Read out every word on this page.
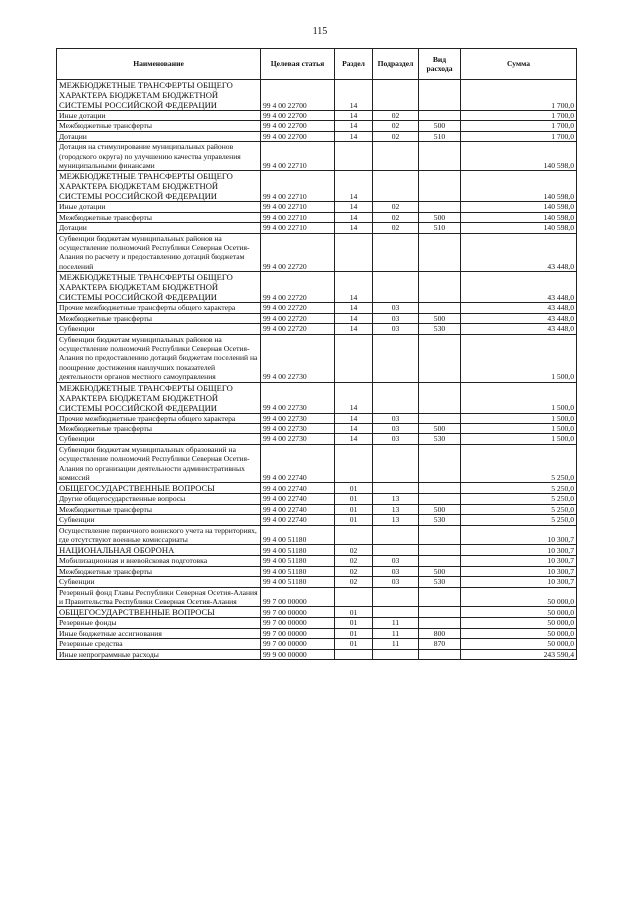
115
Наименование	Целевая статья	Раздел	Подраздел	Вид расхода	Сумма
МЕЖБЮДЖЕТНЫЕ ТРАНСФЕРТЫ ОБЩЕГО ХАРАКТЕРА БЮДЖЕТАМ БЮДЖЕТНОЙ СИСТЕМЫ РОССИЙСКОЙ ФЕДЕРАЦИИ	99 4 00 22700	14			1 700,0
Иные дотации	99 4 00 22700	14	02		1 700,0
Межбюджетные трансферты	99 4 00 22700	14	02	500	1 700,0
Дотации	99 4 00 22700	14	02	510	1 700,0
Дотация на стимулирование муниципальных районов (городского округа) по улучшению качества управления муниципальными финансами	99 4 00 22710				140 598,0
МЕЖБЮДЖЕТНЫЕ ТРАНСФЕРТЫ ОБЩЕГО ХАРАКТЕРА БЮДЖЕТАМ БЮДЖЕТНОЙ СИСТЕМЫ РОССИЙСКОЙ ФЕДЕРАЦИИ	99 4 00 22710	14			140 598,0
Иные дотации	99 4 00 22710	14	02		140 598,0
Межбюджетные трансферты	99 4 00 22710	14	02	500	140 598,0
Дотации	99 4 00 22710	14	02	510	140 598,0
Субвенции бюджетам муниципальных районов на осуществление полномочий Республики Северная Осетия-Алания по расчету и предоставлению дотаций бюджетам поселений	99 4 00 22720				43 448,0
МЕЖБЮДЖЕТНЫЕ ТРАНСФЕРТЫ ОБЩЕГО ХАРАКТЕРА БЮДЖЕТАМ БЮДЖЕТНОЙ СИСТЕМЫ РОССИЙСКОЙ ФЕДЕРАЦИИ	99 4 00 22720	14			43 448,0
Прочие межбюджетные трансферты общего характера	99 4 00 22720	14	03		43 448,0
Межбюджетные трансферты	99 4 00 22720	14	03	500	43 448,0
Субвенции	99 4 00 22720	14	03	530	43 448,0
Субвенции бюджетам муниципальных районов на осуществление полномочий Республики Северная Осетия-Алания по предоставлению дотаций бюджетам поселений на поощрение достижения наилучших показателей деятельности органов местного самоуправления	99 4 00 22730				1 500,0
МЕЖБЮДЖЕТНЫЕ ТРАНСФЕРТЫ ОБЩЕГО ХАРАКТЕРА БЮДЖЕТАМ БЮДЖЕТНОЙ СИСТЕМЫ РОССИЙСКОЙ ФЕДЕРАЦИИ	99 4 00 22730	14			1 500,0
Прочие межбюджетные трансферты общего характера	99 4 00 22730	14	03		1 500,0
Межбюджетные трансферты	99 4 00 22730	14	03	500	1 500,0
Субвенции	99 4 00 22730	14	03	530	1 500,0
Субвенции бюджетам муниципальных образований на осуществление полномочий Республики Северная Осетия-Алания по организации деятельности административных комиссий	99 4 00 22740				5 250,0
ОБЩЕГОСУДАРСТВЕННЫЕ ВОПРОСЫ	99 4 00 22740	01			5 250,0
Другие общегосударственные вопросы	99 4 00 22740	01	13		5 250,0
Межбюджетные трансферты	99 4 00 22740	01	13	500	5 250,0
Субвенции	99 4 00 22740	01	13	530	5 250,0
Осуществление первичного воинского учета на территориях, где отсутствуют военные комиссариаты	99 4 00 51180				10 300,7
НАЦИОНАЛЬНАЯ ОБОРОНА	99 4 00 51180	02			10 300,7
Мобилизационная и вневойсковая подготовка	99 4 00 51180	02	03		10 300,7
Межбюджетные трансферты	99 4 00 51180	02	03	500	10 300,7
Субвенции	99 4 00 51180	02	03	530	10 300,7
Резервный фонд Главы Республики Северная Осетия-Алания и Правительства Республики Северная Осетия-Алания	99 7 00 00000				50 000,0
ОБЩЕГОСУДАРСТВЕННЫЕ ВОПРОСЫ	99 7 00 00000	01			50 000,0
Резервные фонды	99 7 00 00000	01	11		50 000,0
Иные бюджетные ассигнования	99 7 00 00000	01	11	800	50 000,0
Резервные средства	99 7 00 00000	01	11	870	50 000,0
Иные непрограммные расходы	99 9 00 00000				243 590,4
